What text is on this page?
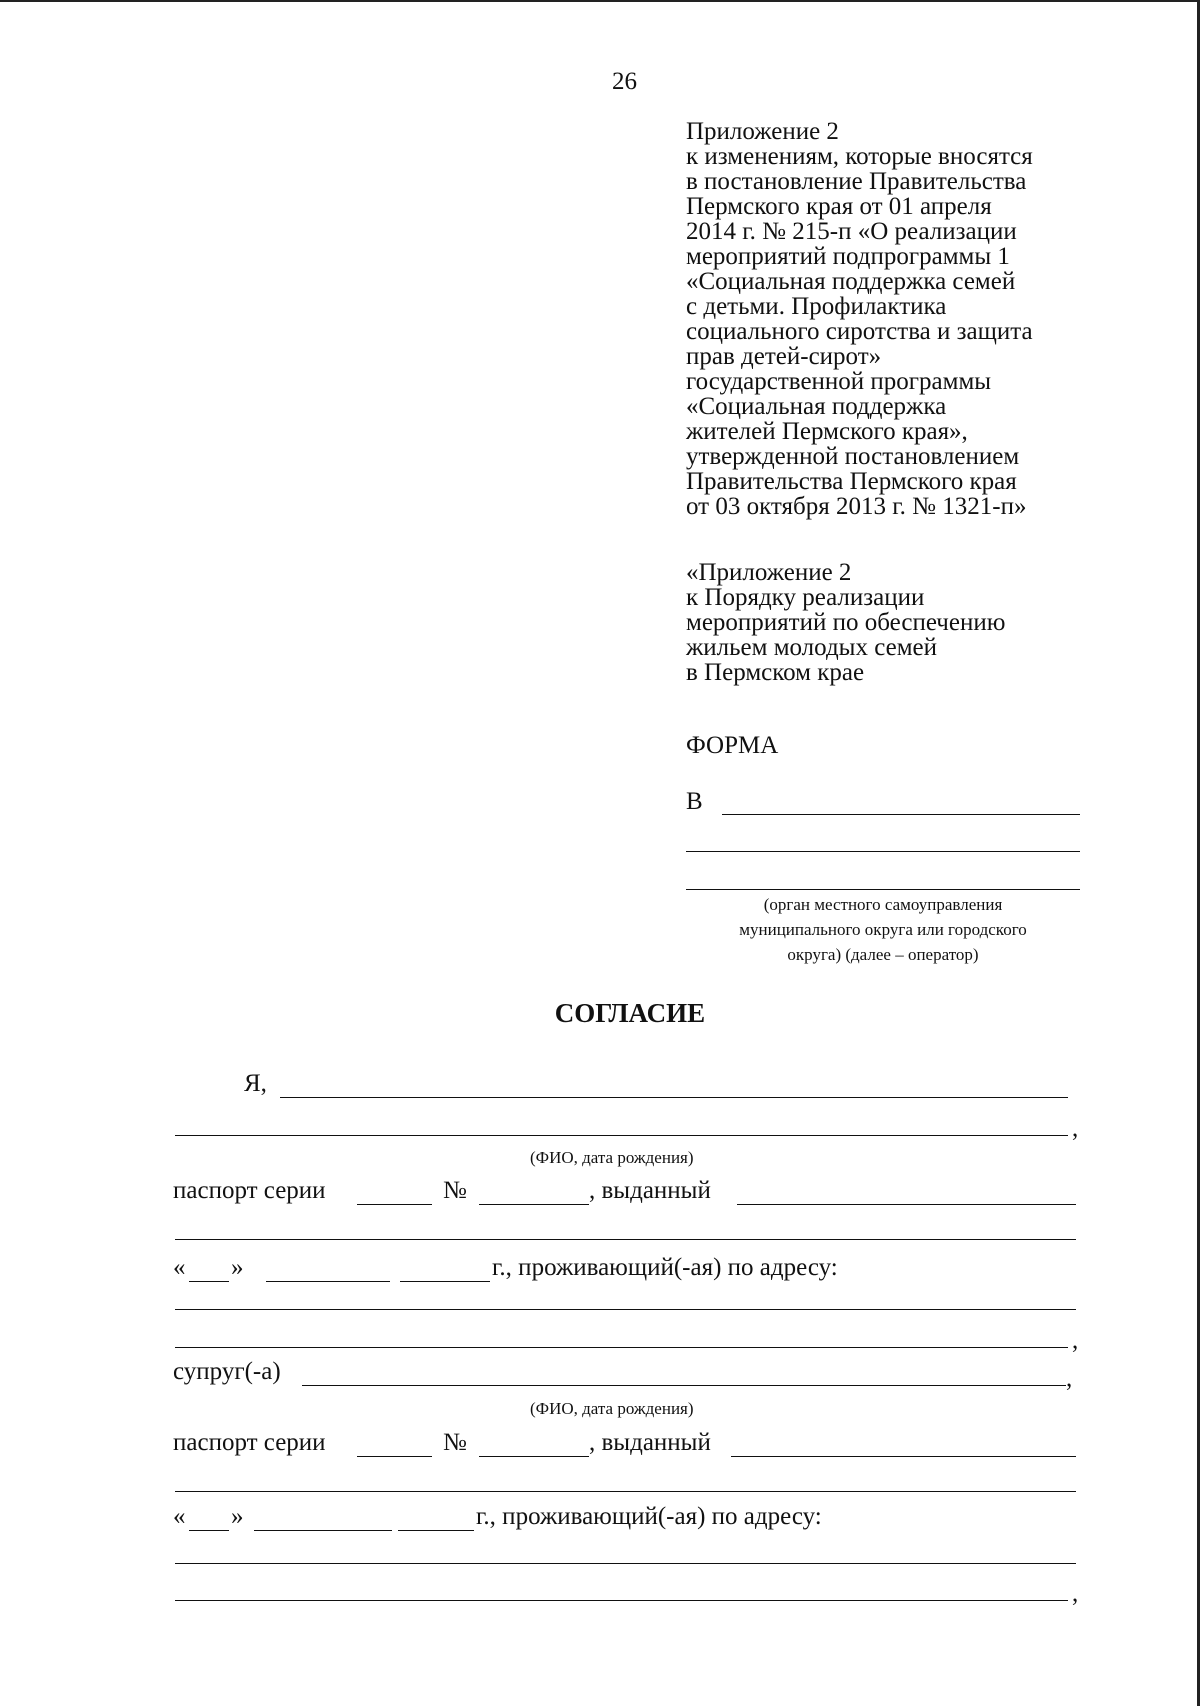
26
Приложение 2
к изменениям, которые вносятся
в постановление Правительства
Пермского края от 01 апреля
2014 г. № 215-п «О реализации
мероприятий подпрограммы 1
«Социальная поддержка семей
с детьми. Профилактика
социального сиротства и защита
прав детей-сирот»
государственной программы
«Социальная поддержка
жителей Пермского края»,
утвержденной постановлением
Правительства Пермского края
от 03 октября 2013 г. № 1321-п»
«Приложение 2
к Порядку реализации
мероприятий по обеспечению
жильем молодых семей
в Пермском крае
ФОРМА
В
(орган местного самоуправления
муниципального округа или городского
округа) (далее – оператор)
СОГЛАСИЕ
Я,
,
(ФИО, дата рождения)
паспорт серии	№	, выданный
« »	г., проживающий(-ая) по адресу:
,
супруг(-а)	,
(ФИО, дата рождения)
паспорт серии	№	, выданный
« »	г., проживающий(-ая) по адресу:
,
